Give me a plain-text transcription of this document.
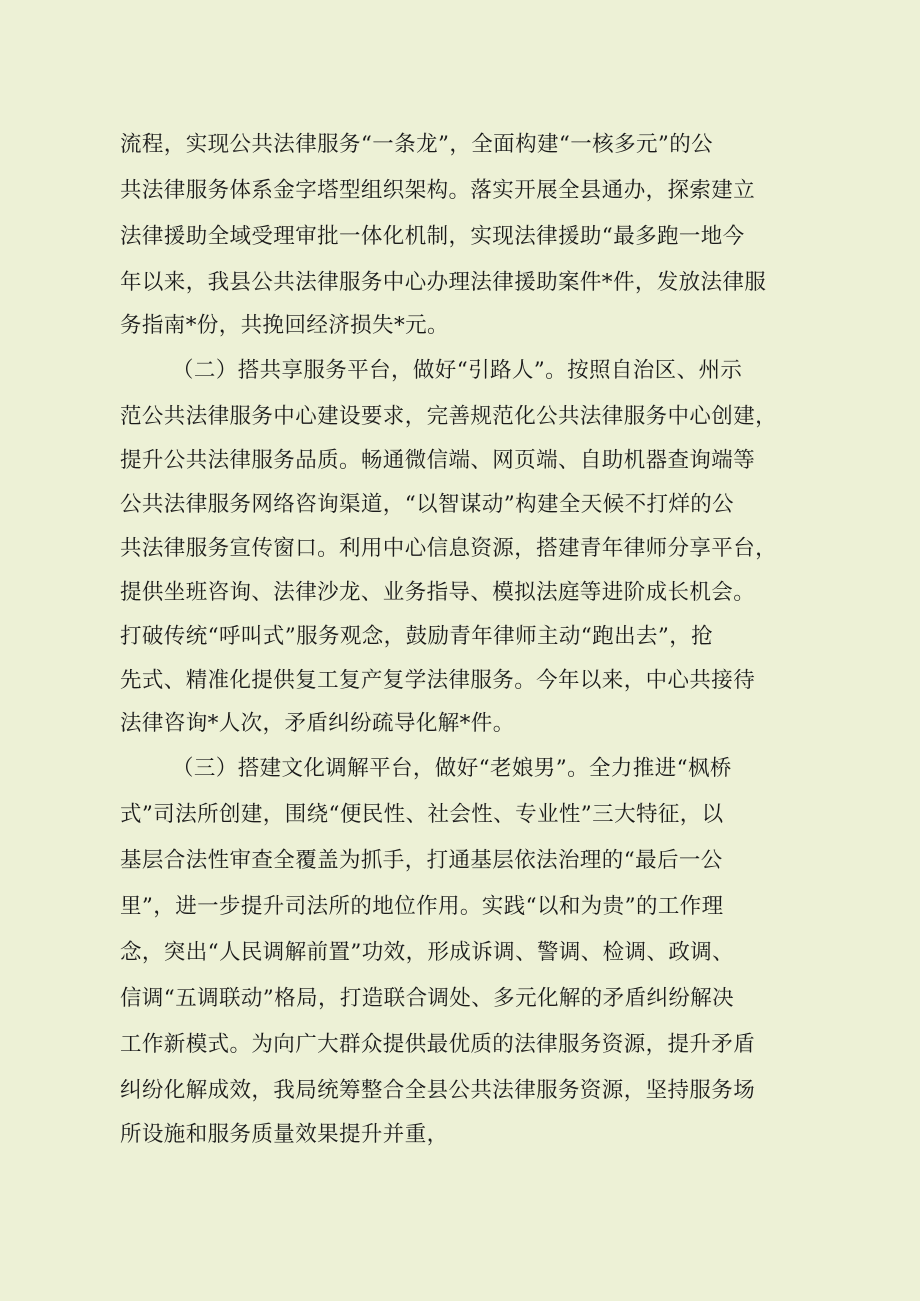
流程，实现公共法律服务“一条龙”，全面构建“一核多元”的公
共法律服务体系金字塔型组织架构。落实开展全县通办，探索建立
法律援助全域受理审批一体化机制，实现法律援助“最多跑一地今
年以来，我县公共法律服务中心办理法律援助案件*件，发放法律服
务指南*份，共挽回经济损失*元。
（二）搭共享服务平台，做好“引路人”。按照自治区、州示
范公共法律服务中心建设要求，完善规范化公共法律服务中心创建，
提升公共法律服务品质。畅通微信端、网页端、自助机器查询端等
公共法律服务网络咨询渠道，“以智谋动”构建全天候不打烊的公
共法律服务宣传窗口。利用中心信息资源，搭建青年律师分享平台，
提供坐班咨询、法律沙龙、业务指导、模拟法庭等进阶成长机会。
打破传统“呼叫式”服务观念，鼓励青年律师主动“跑出去”，抢
先式、精准化提供复工复产复学法律服务。今年以来，中心共接待
法律咨询*人次，矛盾纠纷疏导化解*件。
（三）搭建文化调解平台，做好“老娘男”。全力推进“枫桥
式”司法所创建，围绕“便民性、社会性、专业性”三大特征，以
基层合法性审查全覆盖为抓手，打通基层依法治理的“最后一公
里”，进一步提升司法所的地位作用。实践“以和为贵”的工作理
念，突出“人民调解前置”功效，形成诉调、警调、检调、政调、
信调“五调联动”格局，打造联合调处、多元化解的矛盾纠纷解决
工作新模式。为向广大群众提供最优质的法律服务资源，提升矛盾
纠纷化解成效，我局统筹整合全县公共法律服务资源，坚持服务场
所设施和服务质量效果提升并重，
